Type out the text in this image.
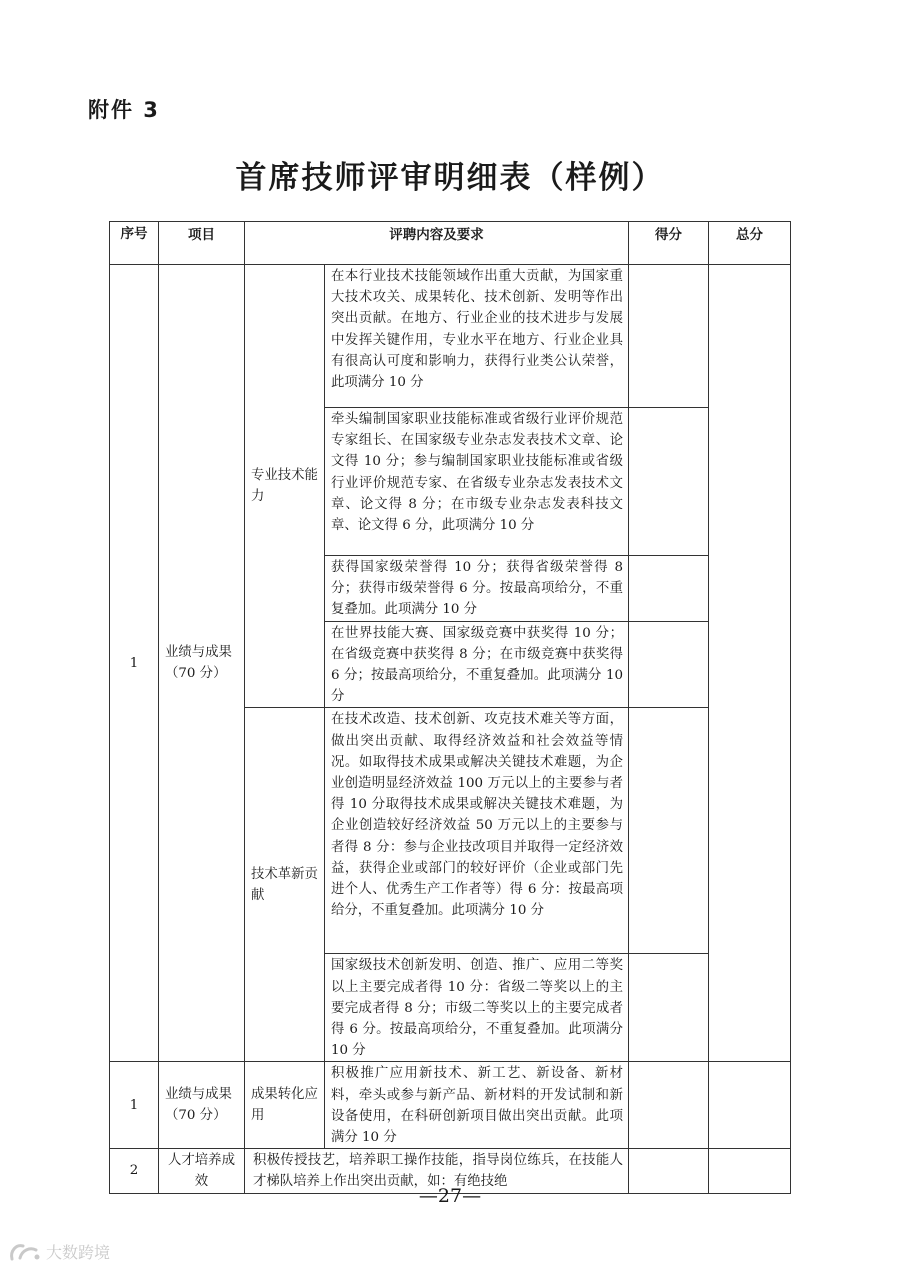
附件 3
首席技师评审明细表（样例）
序号	项目	评聘内容及要求		得分	总分
1	业绩与成果（70 分）	专业技术能力	在本行业技术技能领域作出重大贡献，为国家重大技术攻关、成果转化、技术创新、发明等作出突出贡献。在地方、行业企业的技术进步与发展中发挥关键作用，专业水平在地方、行业企业具有很高认可度和影响力，获得行业类公认荣誉，此项满分 10 分		
			牵头编制国家职业技能标准或省级行业评价规范专家组长、在国家级专业杂志发表技术文章、论文得 10 分；参与编制国家职业技能标准或省级行业评价规范专家、在省级专业杂志发表技术文章、论文得 8 分；在市级专业杂志发表科技文章、论文得 6 分，此项满分 10 分		
			获得国家级荣誉得 10 分；获得省级荣誉得 8 分；获得市级荣誉得 6 分。按最高项给分，不重复叠加。此项满分 10 分		
			在世界技能大赛、国家级竞赛中获奖得 10 分；在省级竞赛中获奖得 8 分；在市级竞赛中获奖得 6 分；按最高项给分，不重复叠加。此项满分 10 分		
		技术革新贡献	在技术改造、技术创新、攻克技术难关等方面，做出突出贡献、取得经济效益和社会效益等情况。如取得技术成果或解决关键技术难题，为企业创造明显经济效益 100 万元以上的主要参与者得 10 分取得技术成果或解决关键技术难题，为企业创造较好经济效益 50 万元以上的主要参与者得 8 分：参与企业技改项目并取得一定经济效益，获得企业或部门的较好评价（企业或部门先进个人、优秀生产工作者等）得 6 分：按最高项给分，不重复叠加。此项满分 10 分		
			国家级技术创新发明、创造、推广、应用二等奖以上主要完成者得 10 分：省级二等奖以上的主要完成者得 8 分；市级二等奖以上的主要完成者得 6 分。按最高项给分，不重复叠加。此项满分 10 分		
1	业绩与成果（70 分）	成果转化应用	积极推广应用新技术、新工艺、新设备、新材料，牵头或参与新产品、新材料的开发试制和新设备使用，在科研创新项目做出突出贡献。此项满分 10 分		
2	人才培养成效	积极传授技艺，培养职工操作技能，指导岗位练兵，在技能人才梯队培养上作出突出贡献，如：有绝技绝			
—27—
大数跨境
